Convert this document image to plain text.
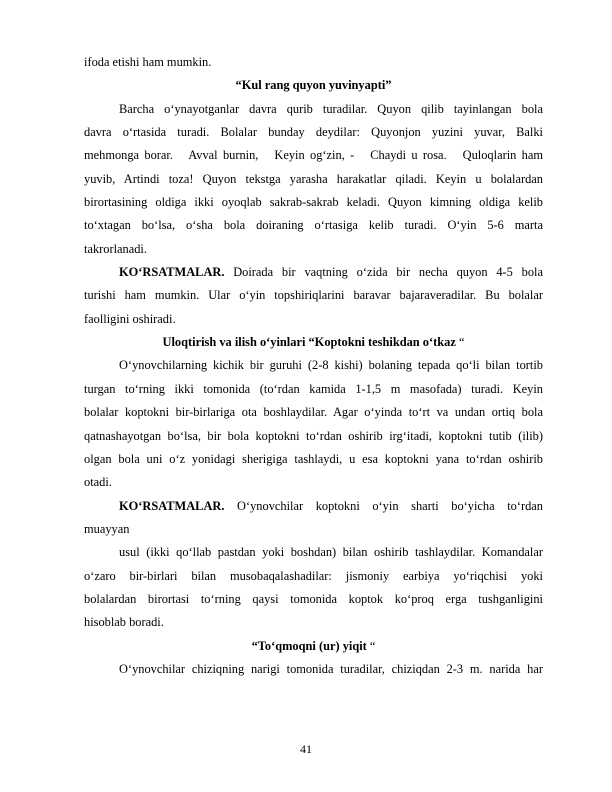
ifoda etishi ham mumkin.
“Kul rang quyon yuvinyapti”
Barcha o‘ynayotganlar davra qurib turadilar. Quyon qilib tayinlangan bola
davra o‘rtasida turadi. Bolalar bunday deydilar: Quyonjon yuzini yuvar, Balki
mehmonga borar.   Avval burnin,   Keyin og‘zin, -   Chaydi u rosa.   Quloqlarin ham
yuvib, Artindi toza! Quyon tekstga yarasha harakatlar qiladi. Keyin u bolalardan
birortasining oldiga ikki oyoqlab sakrab-sakrab keladi. Quyon kimning oldiga kelib
to‘xtagan bo‘lsa, o‘sha bola doiraning o‘rtasiga kelib turadi. O‘yin 5-6 marta
takrorlanadi.
KO‘RSATMALAR. Doirada bir vaqtning o‘zida bir necha quyon 4-5 bola
turishi ham mumkin. Ular o‘yin topshiriqlarini baravar bajaraveradilar. Bu bolalar
faolligini oshiradi.
Uloqtirish va ilish o‘yinlari “Koptokni teshikdan o‘tkaz “
O‘ynovchilarning kichik bir guruhi (2-8 kishi) bolaning tepada qo‘li bilan tortib
turgan to‘rning ikki tomonida (to‘rdan kamida 1-1,5 m masofada) turadi. Keyin
bolalar koptokni bir-birlariga ota boshlaydilar. Agar o‘yinda to‘rt va undan ortiq bola
qatnashayotgan bo‘lsa, bir bola koptokni to‘rdan oshirib irg‘itadi, koptokni tutib (ilib)
olgan bola uni o‘z yonidagi sherigiga tashlaydi, u esa koptokni yana to‘rdan oshirib
otadi.
KO‘RSATMALAR. O‘ynovchilar koptokni o‘yin sharti bo‘yicha to‘rdan
muayyan
usul (ikki qo‘llab pastdan yoki boshdan) bilan oshirib tashlaydilar. Komandalar
o‘zaro bir-birlari bilan musobaqalashadilar: jismoniy earbiya yo‘riqchisi yoki
bolalardan birortasi to‘rning qaysi tomonida koptok ko‘proq erga tushganligini
hisoblab boradi.
“To‘qmoqni (ur) yiqit “
O‘ynovchilar chiziqning narigi tomonida turadilar, chiziqdan 2-3 m. narida har
41
